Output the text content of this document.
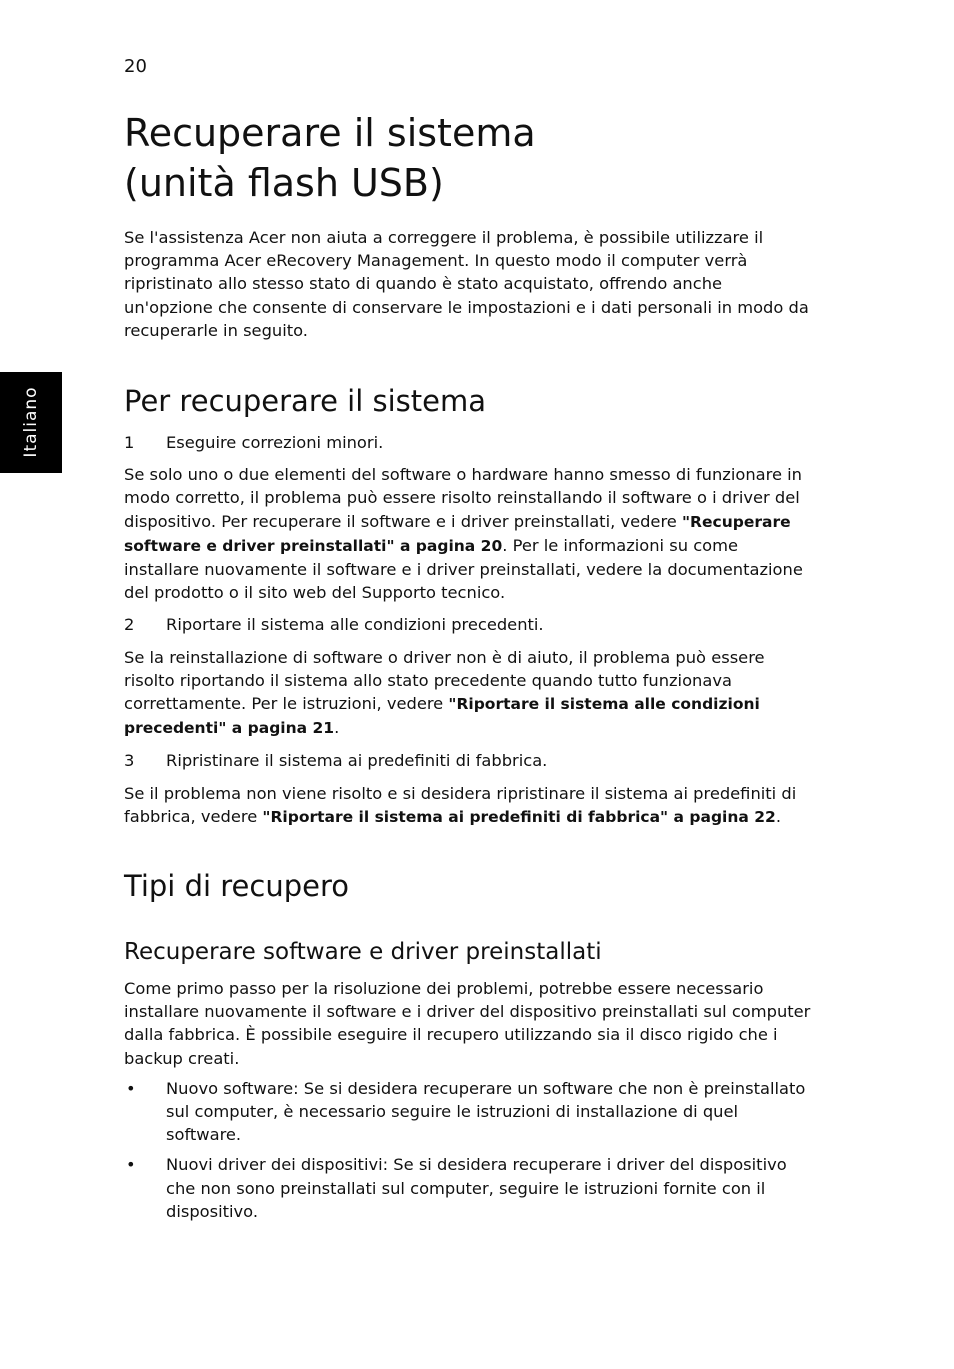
20
Italiano
Recuperare il sistema
(unità flash USB)

Se l'assistenza Acer non aiuta a correggere il problema, è possibile utilizzare il programma Acer eRecovery Management. In questo modo il computer verrà ripristinato allo stesso stato di quando è stato acquistato, offrendo anche un'opzione che consente di conservare le impostazioni e i dati personali in modo da recuperarle in seguito.

Per recuperare il sistema
1 Eseguire correzioni minori.

Se solo uno o due elementi del software o hardware hanno smesso di funzionare in modo corretto, il problema può essere risolto reinstallando il software o i driver del dispositivo. Per recuperare il software e i driver preinstallati, vedere "Recuperare software e driver preinstallati" a pagina 20. Per le informazioni su come installare nuovamente il software e i driver preinstallati, vedere la documentazione del prodotto o il sito web del Supporto tecnico.

2 Riportare il sistema alle condizioni precedenti.

Se la reinstallazione di software o driver non è di aiuto, il problema può essere risolto riportando il sistema allo stato precedente quando tutto funzionava correttamente. Per le istruzioni, vedere "Riportare il sistema alle condizioni precedenti" a pagina 21.

3 Ripristinare il sistema ai predefiniti di fabbrica.

Se il problema non viene risolto e si desidera ripristinare il sistema ai predefiniti di fabbrica, vedere "Riportare il sistema ai predefiniti di fabbrica" a pagina 22.

Tipi di recupero
Recuperare software e driver preinstallati

Come primo passo per la risoluzione dei problemi, potrebbe essere necessario installare nuovamente il software e i driver del dispositivo preinstallati sul computer dalla fabbrica. È possibile eseguire il recupero utilizzando sia il disco rigido che i backup creati.

• Nuovo software: Se si desidera recuperare un software che non è preinstallato sul computer, è necessario seguire le istruzioni di installazione di quel software.
• Nuovi driver dei dispositivi: Se si desidera recuperare i driver del dispositivo che non sono preinstallati sul computer, seguire le istruzioni fornite con il dispositivo.
